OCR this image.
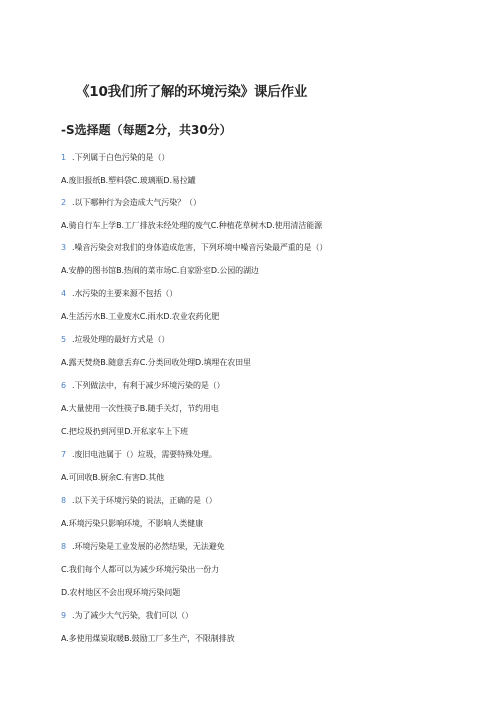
《10我们所了解的环境污染》课后作业
-S选择题（每题2分，共30分）
1 .下列属于白色污染的是（）
A.废旧报纸B.塑料袋C.玻璃瓶D.易拉罐
2 .以下哪种行为会造成大气污染？（）
A.骑自行车上学B.工厂排放未经处理的废气C.种植花草树木D.使用清洁能源
3 .噪音污染会对我们的身体造成危害，下列环境中噪音污染最严重的是（）
A.安静的图书馆B.热闹的菜市场C.自家卧室D.公园的湖边
4 .水污染的主要来源不包括（）
A.生活污水B.工业废水C.雨水D.农业农药化肥
5 .垃圾处理的最好方式是（）
A.露天焚烧B.随意丢弃C.分类回收处理D.填埋在农田里
6 .下列做法中，有利于减少环境污染的是（）
A.大量使用一次性筷子B.随手关灯，节约用电
C.把垃圾扔到河里D.开私家车上下班
7 .废旧电池属于（）垃圾，需要特殊处理。
A.可回收B.厨余C.有害D.其他
8 .以下关于环境污染的说法，正确的是（）
A.环境污染只影响环境，不影响人类健康
8 .环境污染是工业发展的必然结果，无法避免
C.我们每个人都可以为减少环境污染出一份力
D.农村地区不会出现环境污染问题
9 .为了减少大气污染，我们可以（）
A.多使用煤炭取暖B.鼓励工厂多生产，不限制排放
